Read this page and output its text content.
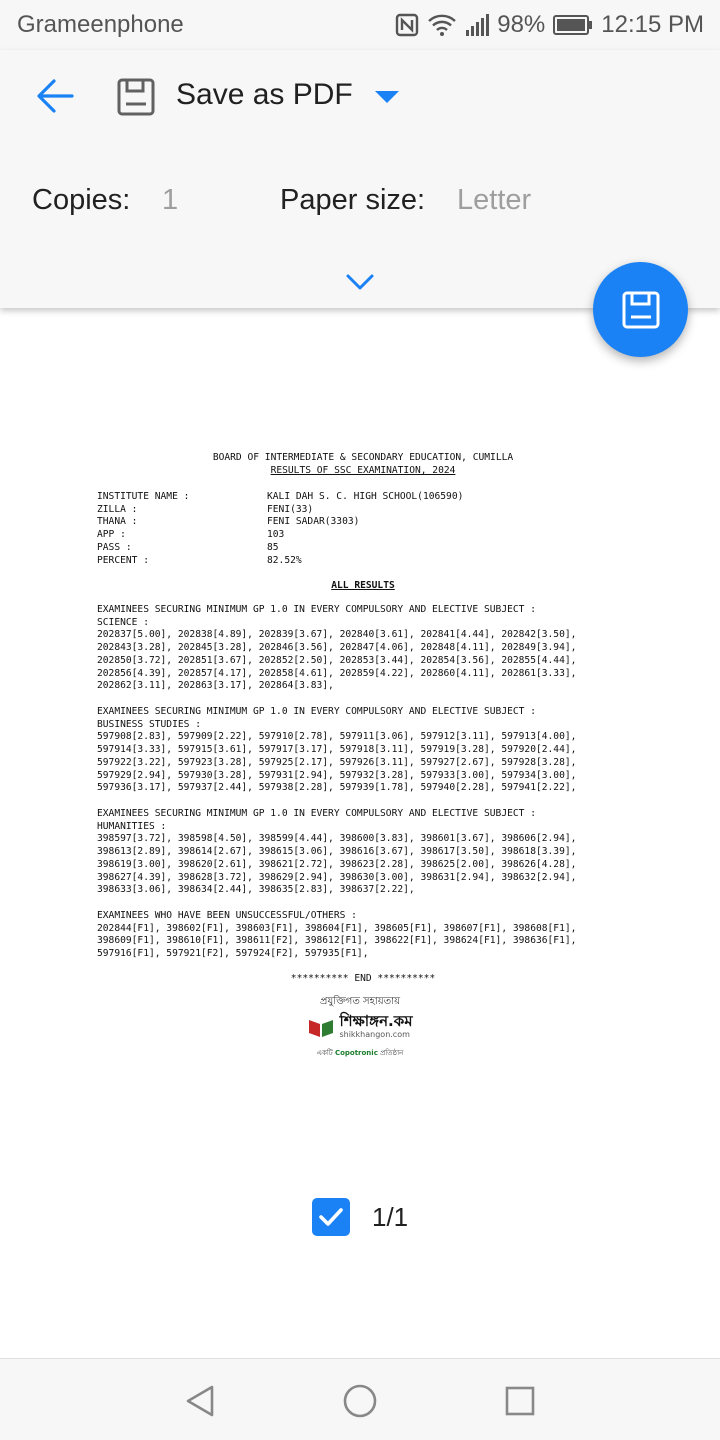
Grameenphone	98% 12:15 PM
Save as PDF
Copies: 1	Paper size: Letter
BOARD OF INTERMEDIATE & SECONDARY EDUCATION, CUMILLA
RESULTS OF SSC EXAMINATION, 2024
INSTITUTE NAME :	KALI DAH S. C. HIGH SCHOOL(106590)
ZILLA :	FENI(33)
THANA :	FENI SADAR(3303)
APP :	103
PASS :	85
PERCENT :	82.52%
ALL RESULTS
EXAMINEES SECURING MINIMUM GP 1.0 IN EVERY COMPULSORY AND ELECTIVE SUBJECT :
SCIENCE :
202837[5.00], 202838[4.89], 202839[3.67], 202840[3.61], 202841[4.44], 202842[3.50],
202843[3.28], 202845[3.28], 202846[3.56], 202847[4.06], 202848[4.11], 202849[3.94],
202850[3.72], 202851[3.67], 202852[2.50], 202853[3.44], 202854[3.56], 202855[4.44],
202856[4.39], 202857[4.17], 202858[4.61], 202859[4.22], 202860[4.11], 202861[3.33],
202862[3.11], 202863[3.17], 202864[3.83],
EXAMINEES SECURING MINIMUM GP 1.0 IN EVERY COMPULSORY AND ELECTIVE SUBJECT :
BUSINESS STUDIES :
597908[2.83], 597909[2.22], 597910[2.78], 597911[3.06], 597912[3.11], 597913[4.00],
597914[3.33], 597915[3.61], 597917[3.17], 597918[3.11], 597919[3.28], 597920[2.44],
597922[3.22], 597923[3.28], 597925[2.17], 597926[3.11], 597927[2.67], 597928[3.28],
597929[2.94], 597930[3.28], 597931[2.94], 597932[3.28], 597933[3.00], 597934[3.00],
597936[3.17], 597937[2.44], 597938[2.28], 597939[1.78], 597940[2.28], 597941[2.22],
EXAMINEES SECURING MINIMUM GP 1.0 IN EVERY COMPULSORY AND ELECTIVE SUBJECT :
HUMANITIES :
398597[3.72], 398598[4.50], 398599[4.44], 398600[3.83], 398601[3.67], 398606[2.94],
398613[2.89], 398614[2.67], 398615[3.06], 398616[3.67], 398617[3.50], 398618[3.39],
398619[3.00], 398620[2.61], 398621[2.72], 398623[2.28], 398625[2.00], 398626[4.28],
398627[4.39], 398628[3.72], 398629[2.94], 398630[3.00], 398631[2.94], 398632[2.94],
398633[3.06], 398634[2.44], 398635[2.83], 398637[2.22],
EXAMINEES WHO HAVE BEEN UNSUCCESSFUL/OTHERS :
202844[F1], 398602[F1], 398603[F1], 398604[F1], 398605[F1], 398607[F1], 398608[F1],
398609[F1], 398610[F1], 398611[F2], 398612[F1], 398622[F1], 398624[F1], 398636[F1],
597916[F1], 597921[F2], 597924[F2], 597935[F1],
********** END **********
প্রযুক্তিগত সহায়তায়
শিক্ষাঙ্গন.কম
shikkhangon.com
একটি Copotronic প্রতিষ্ঠান
1/1
